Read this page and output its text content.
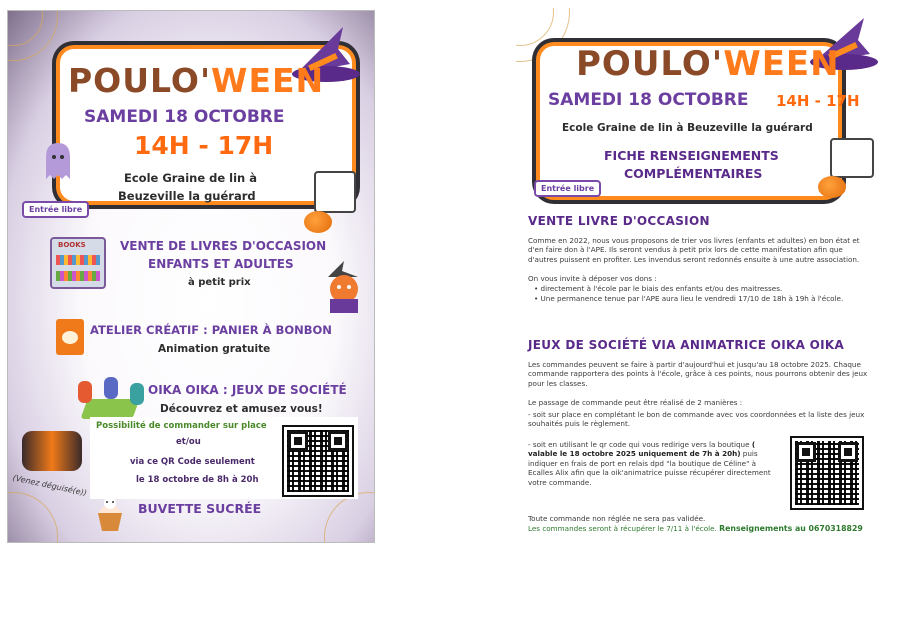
POULO'WEEN
SAMEDI 18 OCTOBRE
14H - 17H
Ecole Graine de lin à
Beuzeville la guérard
Entrée libre
BOOKS	VENTE DE LIVRES D'OCCASION
ENFANTS ET ADULTES
à petit prix
ATELIER CRÉATIF : PANIER À BONBON
Animation gratuite
OIKA OIKA : JEUX DE SOCIÉTÉ
Découvrez et amusez vous!
Possibilité de commander sur place
et/ou
via ce QR Code seulement
le 18 octobre de 8h à 20h
(Venez déguisé(e))
BUVETTE SUCRÉE
POULO'WEEN
SAMEDI 18 OCTOBRE 14H - 17H
Ecole Graine de lin à Beuzeville la guérard
FICHE RENSEIGNEMENTS
COMPLÉMENTAIRES
Entrée libre
VENTE LIVRE D'OCCASION
Comme en 2022, nous vous proposons de trier vos livres (enfants et adultes) en bon état et d'en faire don à l'APE. Ils seront vendus à petit prix lors de cette manifestation afin que d'autres puissent en profiter. Les invendus seront redonnés ensuite à une autre association.
On vous invite à déposer vos dons :
• directement à l'école par le biais des enfants et/ou des maitresses.
• Une permanence tenue par l'APE aura lieu le vendredi 17/10 de 18h à 19h à l'école.
JEUX DE SOCIÉTÉ VIA ANIMATRICE OIKA OIKA
Les commandes peuvent se faire à partir d'aujourd'hui et jusqu'au 18 octobre 2025. Chaque commande rapportera des points à l'école, grâce à ces points, nous pourrons obtenir des jeux pour les classes.
Le passage de commande peut être réalisé de 2 manières :
- soit sur place en complétant le bon de commande avec vos coordonnées et la liste des jeux souhaités puis le règlement.
- soit en utilisant le qr code qui vous redirige vers la boutique ( valable le 18 octobre 2025 uniquement de 7h à 20h) puis indiquer en frais de port en relais dpd "la boutique de Céline" à Ecalles Alix afin que la oik'animatrice puisse récupérer directement votre commande.
Toute commande non réglée ne sera pas validée.
Les commandes seront à récupérer le 7/11 à l'école. Renseignements au 0670318829
